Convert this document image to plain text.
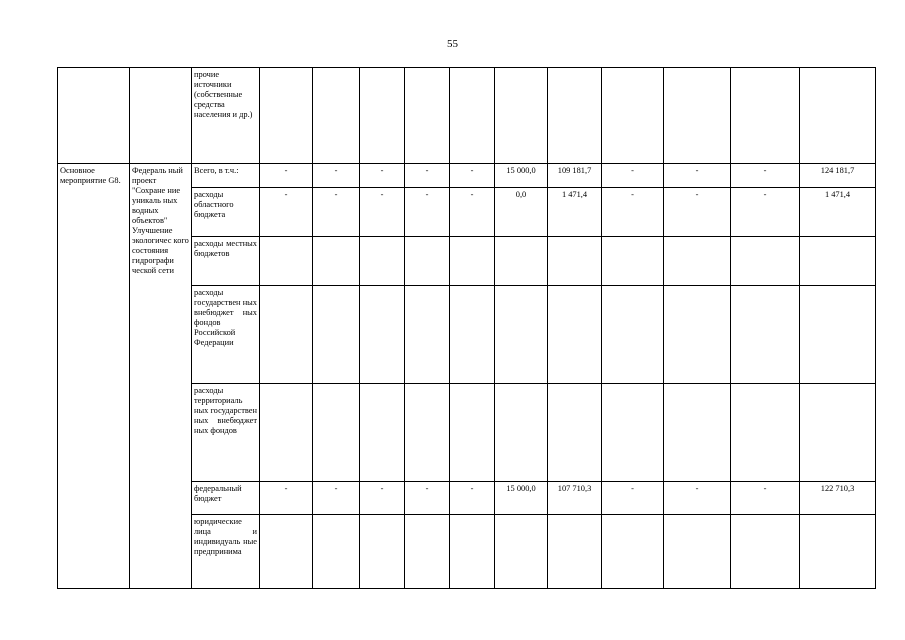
55
		прочие источники (собственные средства населения и др.)											
Основное мероприятие G8.	Федераль ный проект "Сохране ние уникаль ных водных объектов" Улучшение экологичес кого состояния гидрографи ческой сети	Всего, в т.ч.:	-	-	-	-	-	15 000,0	109 181,7	-	-	-	124 181,7
		расходы областного бюджета	-	-	-	-	-	0,0	1 471,4	-	-	-	1 471,4
		расходы местных бюджетов											
		расходы государствен ных внебюджет ных фондов Российской Федерации											
		расходы территориаль ных государствен ных внебюджет ных фондов											
		федеральный бюджет	-	-	-	-	-	15 000,0	107 710,3	-	-	-	122 710,3
		юридические лица и индивидуаль ные предпринима											
